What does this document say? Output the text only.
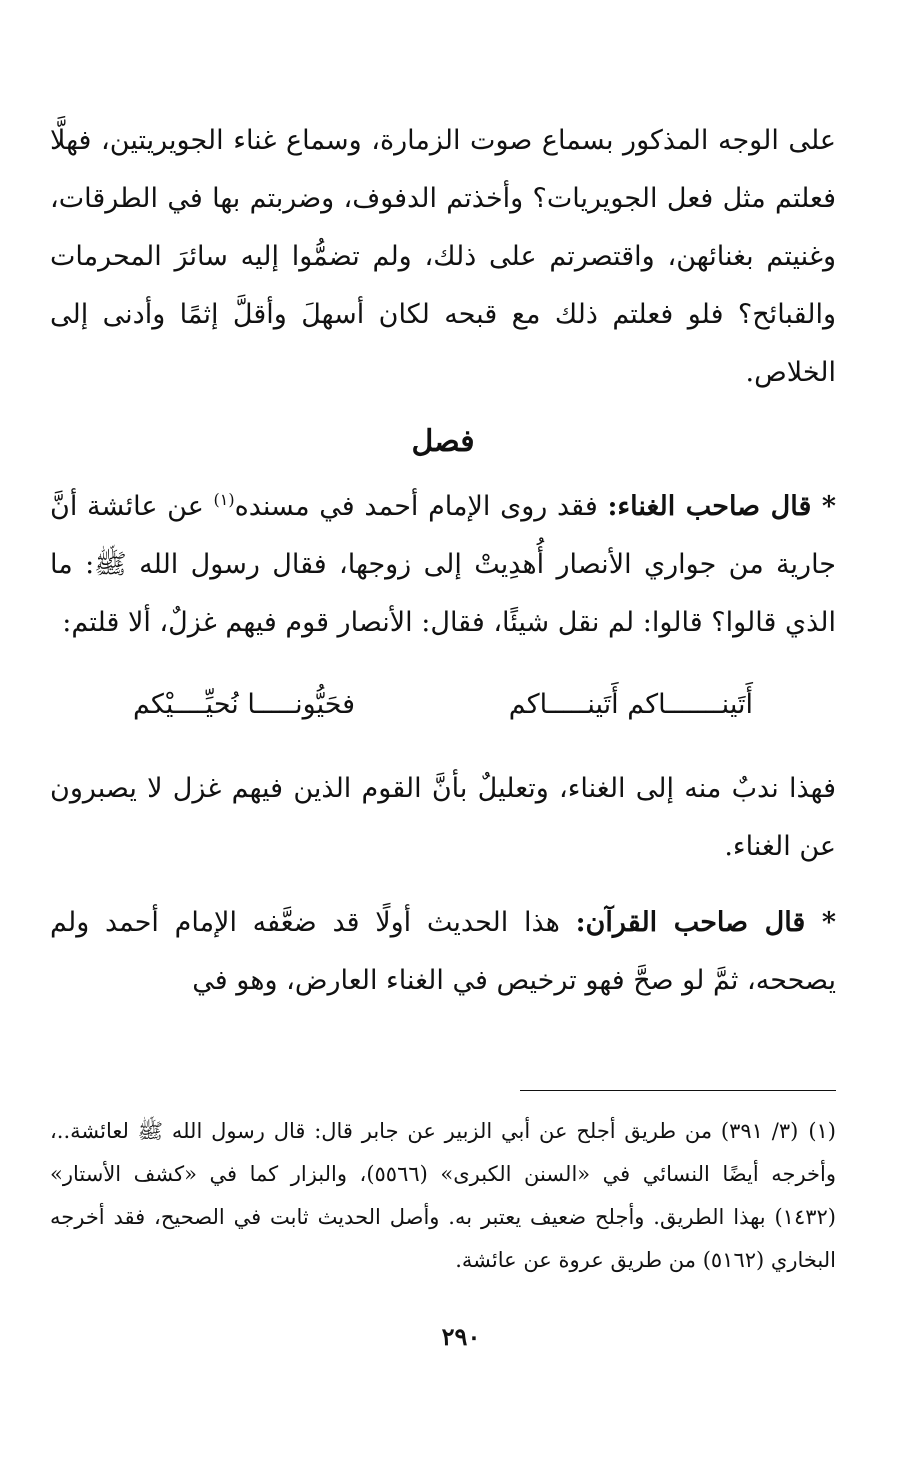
على الوجه المذكور بسماع صوت الزمارة، وسماع غناء الجويريتين، فهلَّا فعلتم مثل فعل الجويريات؟ وأخذتم الدفوف، وضربتم بها في الطرقات، وغنيتم بغنائهن، واقتصرتم على ذلك، ولم تضمُّوا إليه سائرَ المحرمات والقبائح؟ فلو فعلتم ذلك مع قبحه لكان أسهلَ وأقلَّ إثمًا وأدنى إلى الخلاص.

فصل

* قال صاحب الغناء: فقد روى الإمام أحمد في مسنده$^{(١)}$ عن عائشة أنَّ جارية من جواري الأنصار أُهدِيتْ إلى زوجها، فقال رسول الله ﷺ: ما الذي قالوا؟ قالوا: لم نقل شيئًا، فقال: الأنصار قوم فيهم غزلٌ، ألا قلتم:

أَتَينـــــــاكم أَتَينـــــاكم
فحَيُّونـــــا نُحيِّــــيْكم

فهذا ندبٌ منه إلى الغناء، وتعليلٌ بأنَّ القوم الذين فيهم غزل لا يصبرون عن الغناء.

* قال صاحب القرآن: هذا الحديث أولًا قد ضعَّفه الإمام أحمد ولم يصححه، ثمَّ لو صحَّ فهو ترخيص في الغناء العارض، وهو في

(١)(٣/ ٣٩١) من طريق أجلح عن أبي الزبير عن جابر قال: قال رسول الله ﷺ لعائشة..، وأخرجه أيضًا النسائي في «السنن الكبرى» (٥٥٦٦)، والبزار كما في «كشف الأستار» (١٤٣٢) بهذا الطريق. وأجلح ضعيف يعتبر به. وأصل الحديث ثابت في الصحيح، فقد أخرجه البخاري (٥١٦٢) من طريق عروة عن عائشة.

٢٩٠
